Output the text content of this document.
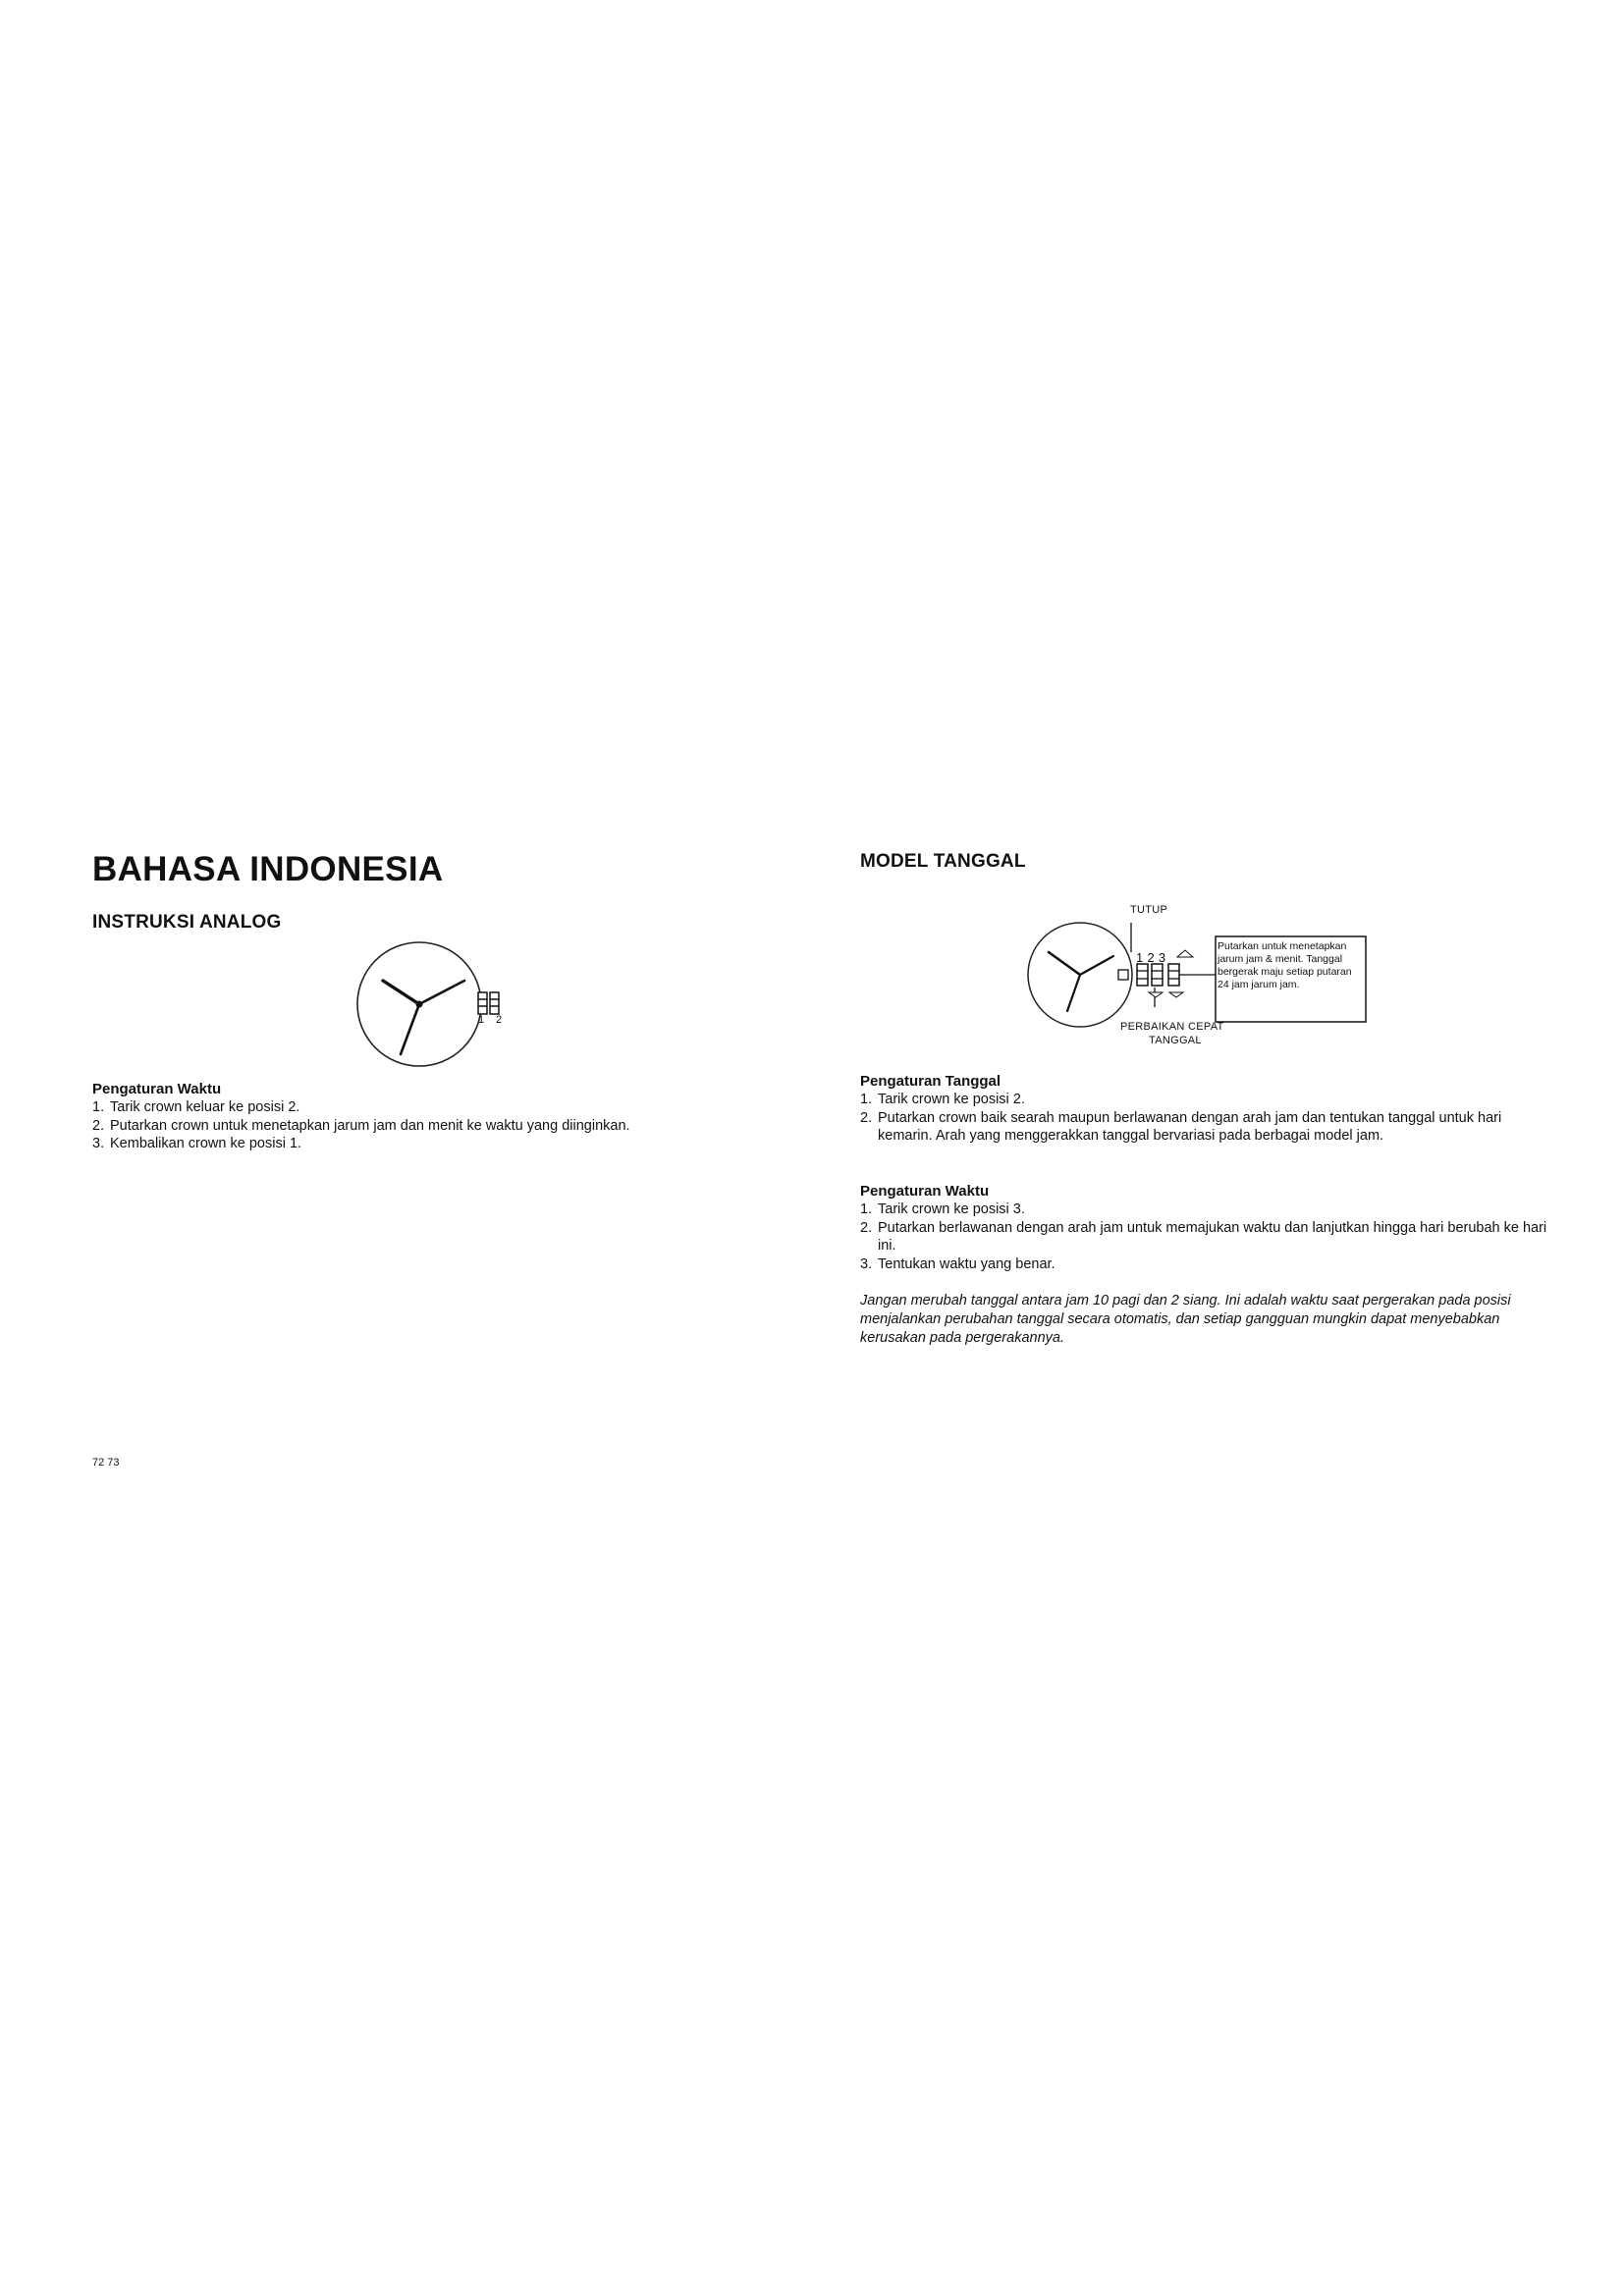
BAHASA INDONESIA
INSTRUKSI ANALOG
1 2
Pengaturan Waktu
1. Tarik crown keluar ke posisi 2.
2. Putarkan crown untuk menetapkan jarum jam dan menit ke waktu yang diinginkan.
3. Kembalikan crown ke posisi 1.
72 73
MODEL TANGGAL
TUTUP
1 2 3
Putarkan untuk menetapkan jarum jam & menit. Tanggal bergerak maju setiap putaran 24 jam jarum jam.
PERBAIKAN CEPAT
TANGGAL
Pengaturan Tanggal
1. Tarik crown ke posisi 2.
2. Putarkan crown baik searah maupun berlawanan dengan arah jam dan tentukan tanggal untuk hari kemarin. Arah yang menggerakkan tanggal bervariasi pada berbagai model jam.
Pengaturan Waktu
1. Tarik crown ke posisi 3.
2. Putarkan berlawanan dengan arah jam untuk memajukan waktu dan lanjutkan hingga hari berubah ke hari ini.
3. Tentukan waktu yang benar.
Jangan merubah tanggal antara jam 10 pagi dan 2 siang. Ini adalah waktu saat pergerakan pada posisi menjalankan perubahan tanggal secara otomatis, dan setiap gangguan mungkin dapat menyebabkan kerusakan pada pergerakannya.
